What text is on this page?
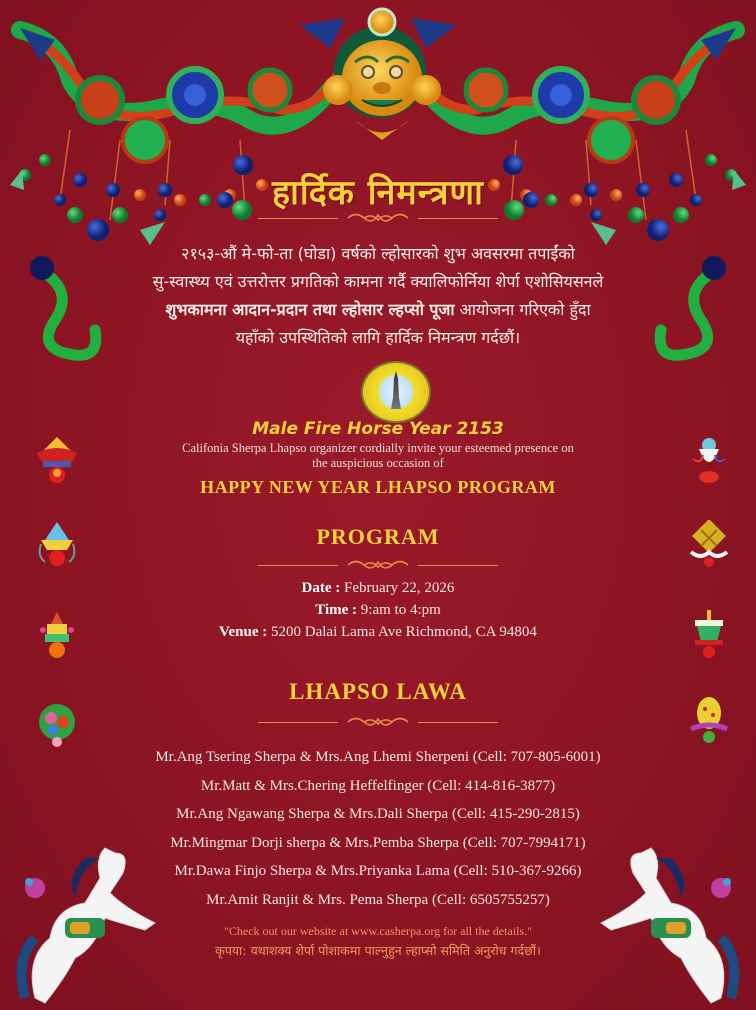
हार्दिक निमन्त्रणा
२१५३-औं मे-फो-ता (घोडा) वर्षको ल्होसारको शुभ अवसरमा तपाईंको
सु-स्वास्थ्य एवं उत्तरोत्तर प्रगतिको कामना गर्दै क्यालिफोर्निया शेर्पा एशोसियसनले
शुभकामना आदान-प्रदान तथा ल्होसार ल्हप्सो पूजा आयोजना गरिएको हुँदा
यहाँको उपस्थितिको लागि हार्दिक निमन्त्रण गर्दछौं।
Male Fire Horse Year 2153
Califonia Sherpa Lhapso organizer cordially invite your esteemed presence on
the auspicious occasion of
HAPPY NEW YEAR LHAPSO PROGRAM
PROGRAM
Date : February 22, 2026
Time : 9:am to 4:pm
Venue : 5200 Dalai Lama Ave Richmond, CA 94804
LHAPSO LAWA
Mr.Ang Tsering Sherpa & Mrs.Ang Lhemi Sherpeni (Cell: 707-805-6001)
Mr.Matt & Mrs.Chering Heffelfinger (Cell: 414-816-3877)
Mr.Ang Ngawang Sherpa & Mrs.Dali Sherpa (Cell: 415-290-2815)
Mr.Mingmar Dorji sherpa & Mrs.Pemba Sherpa (Cell: 707-7994171)
Mr.Dawa Finjo Sherpa & Mrs.Priyanka Lama (Cell: 510-367-9266)
Mr.Amit Ranjit & Mrs. Pema Sherpa (Cell: 6505755257)
"Check out our website at www.casherpa.org for all the details."
कृपया: यथाशक्य शेर्पा पोशाकमा पाल्नुहुन ल्हाप्सो समिति अनुरोध गर्दछौं।
